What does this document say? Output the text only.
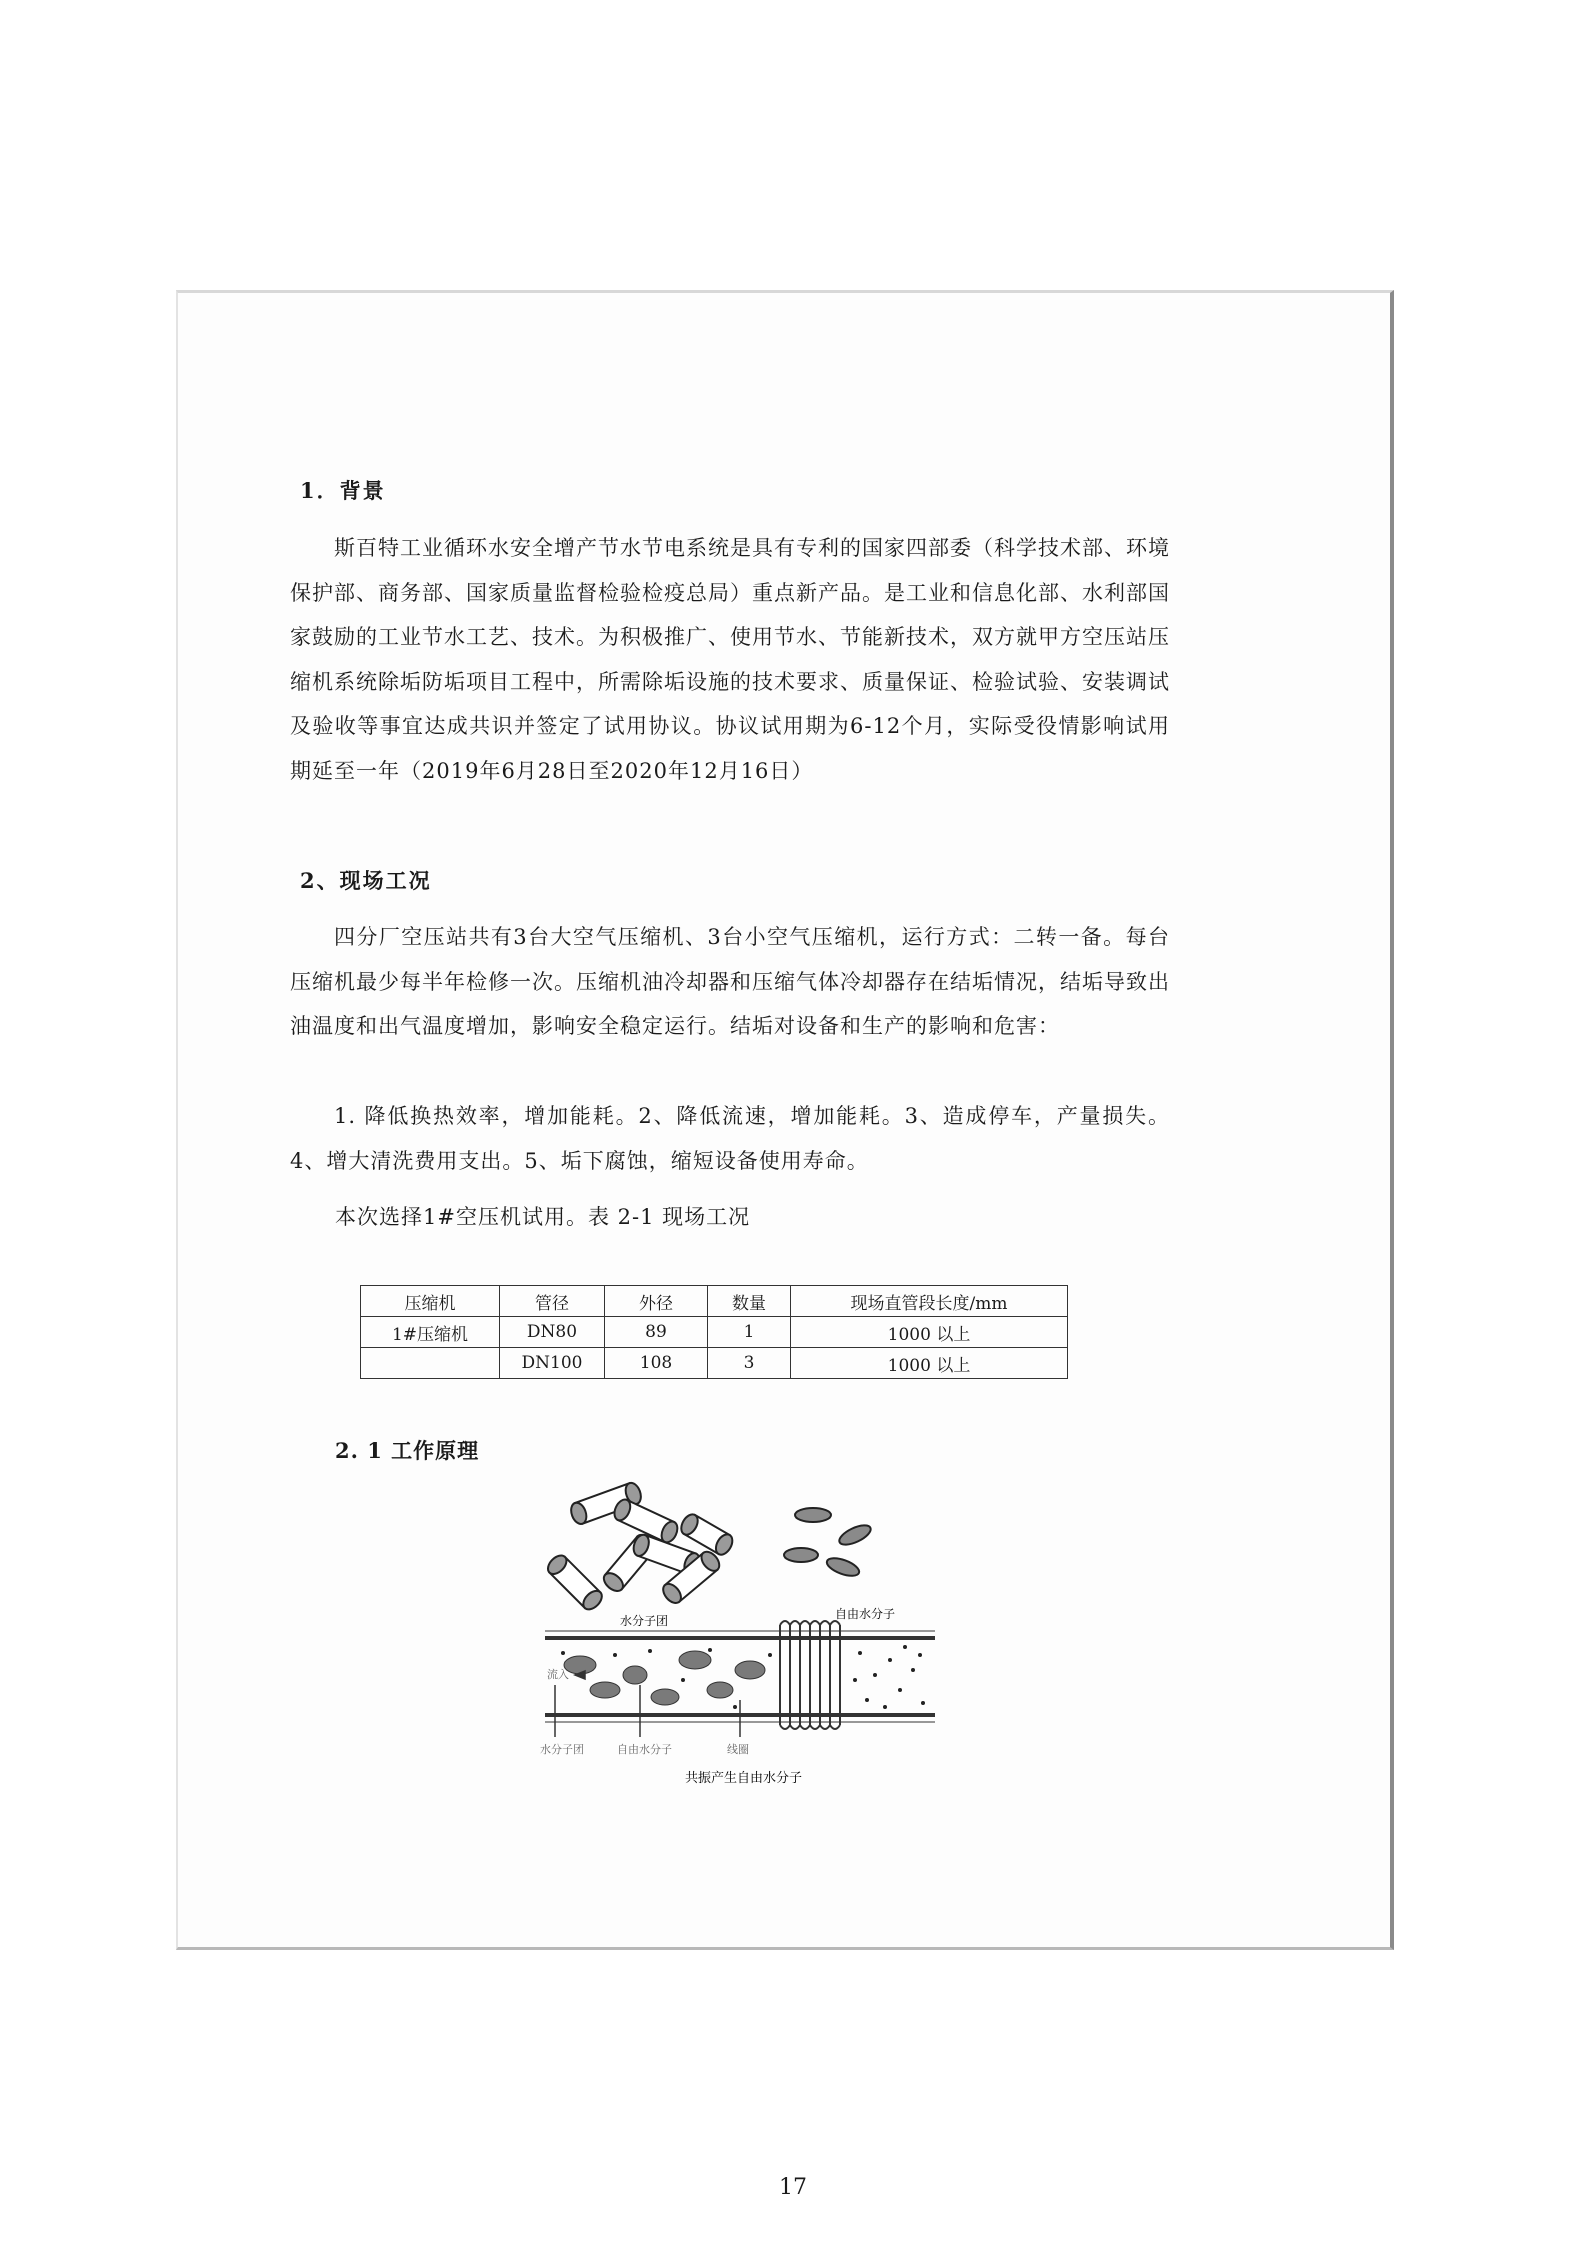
1．背景

斯百特工业循环水安全增产节水节电系统是具有专利的国家四部委（科学技术部、环境保护部、商务部、国家质量监督检验检疫总局）重点新产品。是工业和信息化部、水利部国家鼓励的工业节水工艺、技术。为积极推广、使用节水、节能新技术，双方就甲方空压站压缩机系统除垢防垢项目工程中，所需除垢设施的技术要求、质量保证、检验试验、安装调试及验收等事宜达成共识并签定了试用协议。协议试用期为6-12个月，实际受役情影响试用期延至一年（2019年6月28日至2020年12月16日）

2、现场工况

四分厂空压站共有3台大空气压缩机、3台小空气压缩机，运行方式：二转一备。每台压缩机最少每半年检修一次。压缩机油冷却器和压缩气体冷却器存在结垢情况，结垢导致出油温度和出气温度增加，影响安全稳定运行。结垢对设备和生产的影响和危害：

1. 降低换热效率，增加能耗。2、降低流速，增加能耗。3、造成停车，产量损失。4、增大清洗费用支出。5、垢下腐蚀，缩短设备使用寿命。

本次选择1#空压机试用。表 2-1 现场工况
压缩机	管径	外径	数量	现场直管段长度/mm
1#压缩机	DN80	89	1	1000 以上
	DN100	108	3	1000 以上
2. 1 工作原理
水分子团	自由水分子
流入
水分子团	自由水分子	线圈
共振产生自由水分子
17
